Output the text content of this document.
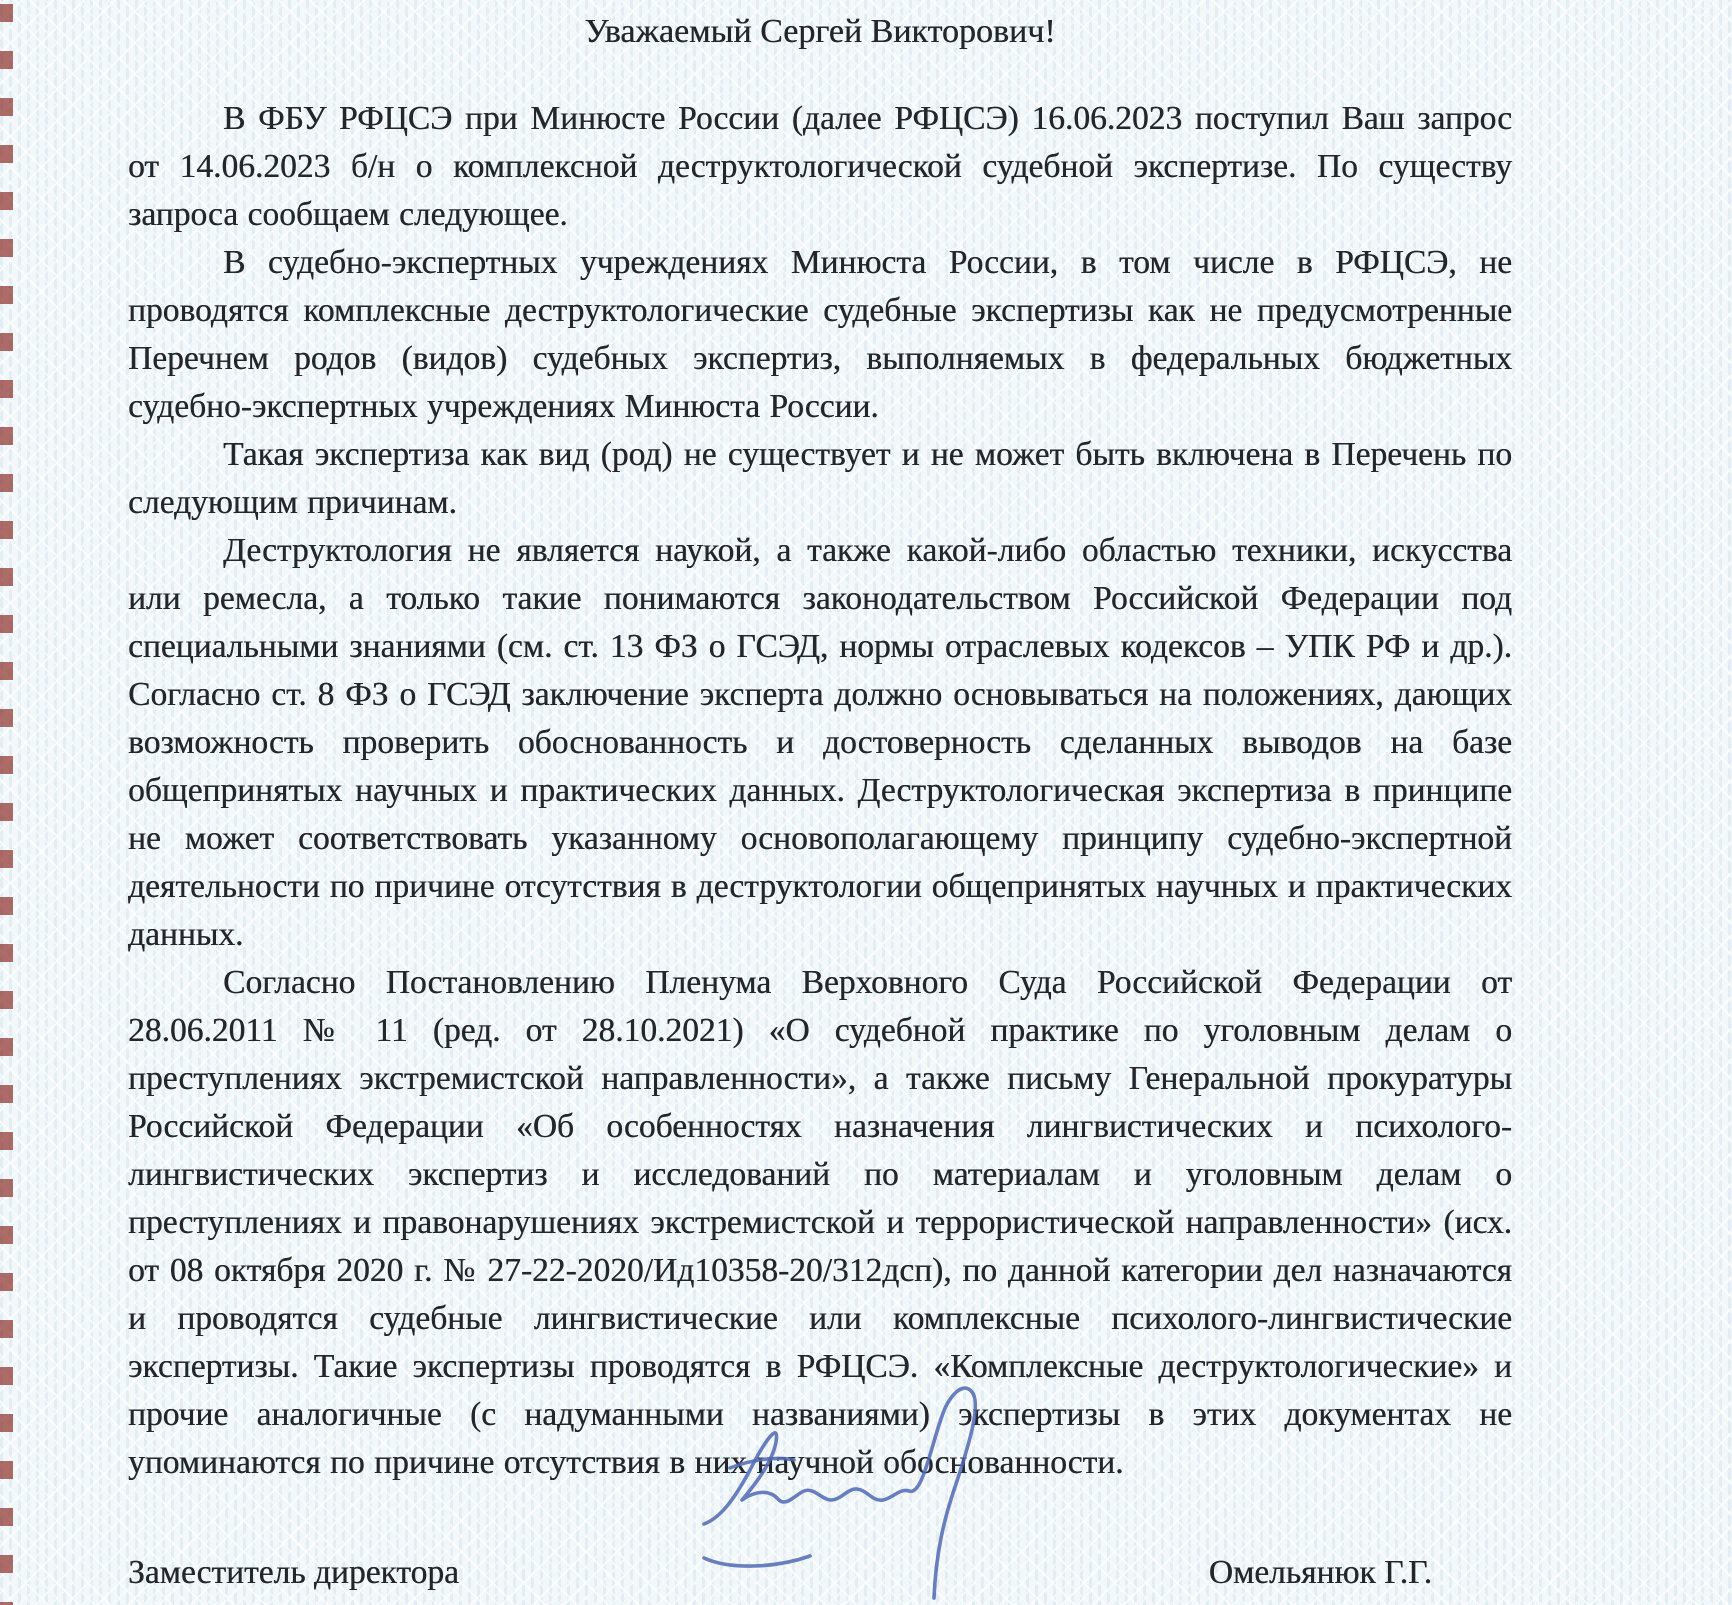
Уважаемый Сергей Викторович!

В ФБУ РФЦСЭ при Минюсте России (далее РФЦСЭ) 16.06.2023 поступил Ваш запрос от 14.06.2023 б/н о комплексной деструктологической судебной экспертизе. По существу запроса сообщаем следующее.

В судебно-экспертных учреждениях Минюста России, в том числе в РФЦСЭ, не проводятся комплексные деструктологические судебные экспертизы как не предусмотренные Перечнем родов (видов) судебных экспертиз, выполняемых в федеральных бюджетных судебно-экспертных учреждениях Минюста России.

Такая экспертиза как вид (род) не существует и не может быть включена в Перечень по следующим причинам.

Деструктология не является наукой, а также какой-либо областью техники, искусства или ремесла, а только такие понимаются законодательством Российской Федерации под специальными знаниями (см. ст. 13 ФЗ о ГСЭД, нормы отраслевых кодексов – УПК РФ и др.). Согласно ст. 8 ФЗ о ГСЭД заключение эксперта должно основываться на положениях, дающих возможность проверить обоснованность и достоверность сделанных выводов на базе общепринятых научных и практических данных. Деструктологическая экспертиза в принципе не может соответствовать указанному основополагающему принципу судебно-экспертной деятельности по причине отсутствия в деструктологии общепринятых научных и практических данных.

Согласно Постановлению Пленума Верховного Суда Российской Федерации от 28.06.2011 № 11 (ред. от 28.10.2021) «О судебной практике по уголовным делам о преступлениях экстремистской направленности», а также письму Генеральной прокуратуры Российской Федерации «Об особенностях назначения лингвистических и психолого-лингвистических экспертиз и исследований по материалам и уголовным делам о преступлениях и правонарушениях экстремистской и террористической направленности» (исх. от 08 октября 2020 г. № 27-22-2020/Ид10358-20/312дсп), по данной категории дел назначаются и проводятся судебные лингвистические или комплексные психолого-лингвистические экспертизы. Такие экспертизы проводятся в РФЦСЭ. «Комплексные деструктологические» и прочие аналогичные (с надуманными названиями) экспертизы в этих документах не упоминаются по причине отсутствия в них научной обоснованности.

Заместитель директора	Омельянюк Г.Г.
